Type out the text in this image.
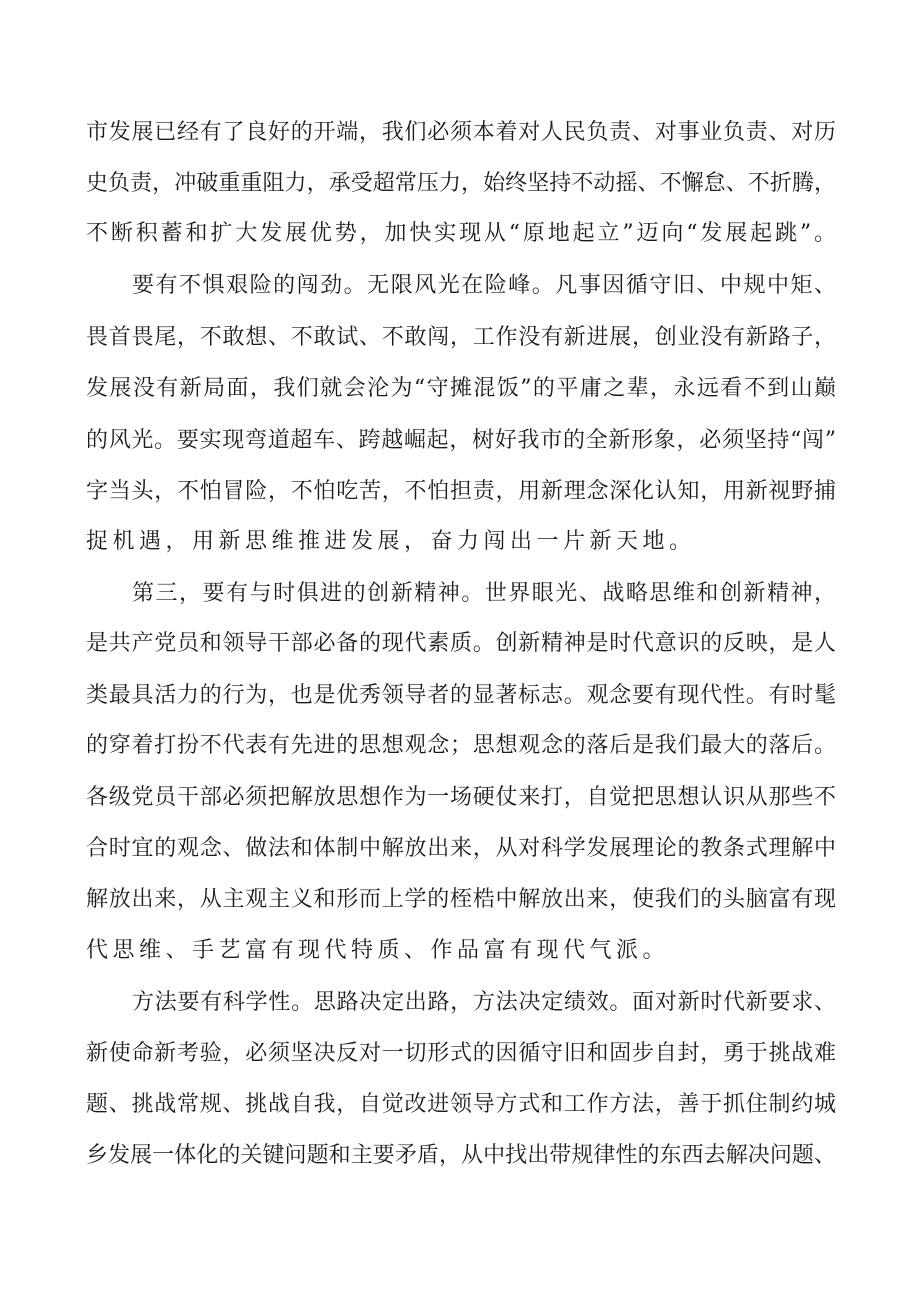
市发展已经有了良好的开端，我们必须本着对人民负责、对事业负责、对历
史负责，冲破重重阻力，承受超常压力，始终坚持不动摇、不懈怠、不折腾，
不断积蓄和扩大发展优势，加快实现从“原地起立”迈向“发展起跳”。
要有不惧艰险的闯劲。无限风光在险峰。凡事因循守旧、中规中矩、
畏首畏尾，不敢想、不敢试、不敢闯，工作没有新进展，创业没有新路子，
发展没有新局面，我们就会沦为“守摊混饭”的平庸之辈，永远看不到山巅
的风光。要实现弯道超车、跨越崛起，树好我市的全新形象，必须坚持“闯”
字当头，不怕冒险，不怕吃苦，不怕担责，用新理念深化认知，用新视野捕
捉机遇，用新思维推进发展，奋力闯出一片新天地。
第三，要有与时俱进的创新精神。世界眼光、战略思维和创新精神，
是共产党员和领导干部必备的现代素质。创新精神是时代意识的反映，是人
类最具活力的行为，也是优秀领导者的显著标志。观念要有现代性。有时髦
的穿着打扮不代表有先进的思想观念；思想观念的落后是我们最大的落后。
各级党员干部必须把解放思想作为一场硬仗来打，自觉把思想认识从那些不
合时宜的观念、做法和体制中解放出来，从对科学发展理论的教条式理解中
解放出来，从主观主义和形而上学的桎梏中解放出来，使我们的头脑富有现
代思维、手艺富有现代特质、作品富有现代气派。
方法要有科学性。思路决定出路，方法决定绩效。面对新时代新要求、
新使命新考验，必须坚决反对一切形式的因循守旧和固步自封，勇于挑战难
题、挑战常规、挑战自我，自觉改进领导方式和工作方法，善于抓住制约城
乡发展一体化的关键问题和主要矛盾，从中找出带规律性的东西去解决问题、
